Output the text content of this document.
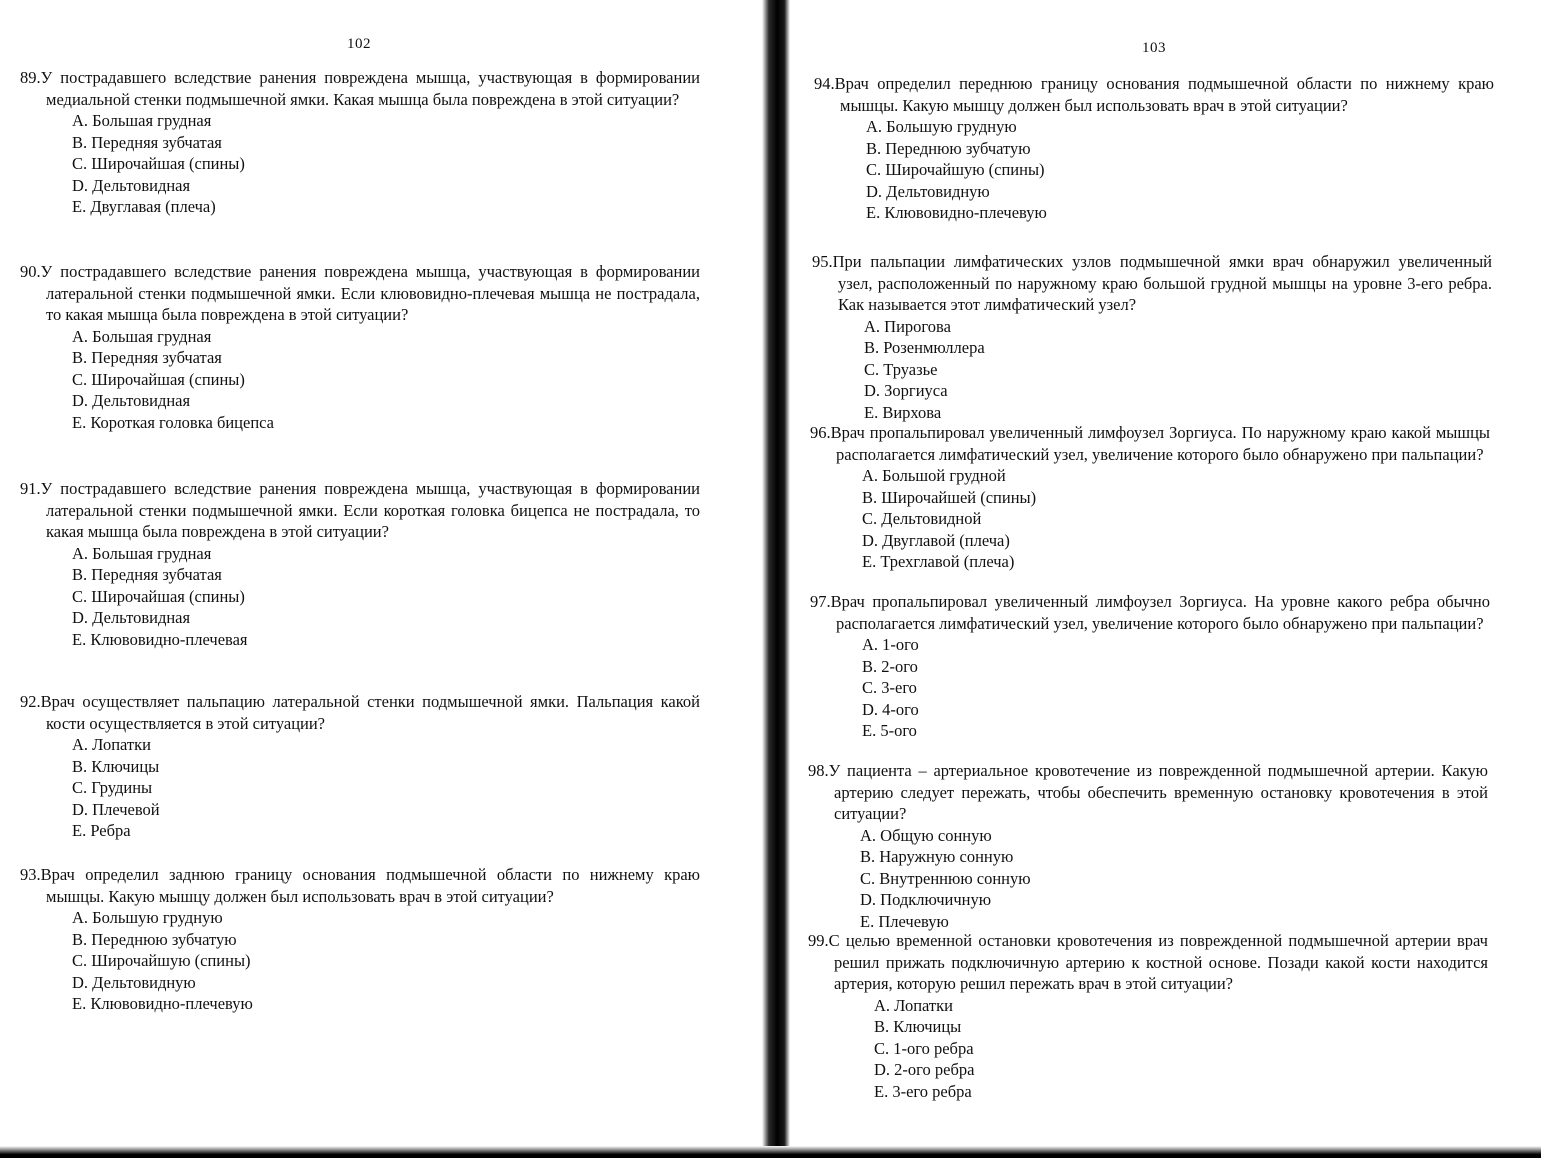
102

89.У пострадавшего вследствие ранения повреждена мышца, участвующая в формировании медиальной стенки подмышечной ямки. Какая мышца была повреждена в этой ситуации?

А. Большая грудная
В. Передняя зубчатая
С. Широчайшая (спины)
D. Дельтовидная
Е. Двуглавая (плеча)

90.У пострадавшего вследствие ранения повреждена мышца, участвующая в формировании латеральной стенки подмышечной ямки. Если клювовидно-плечевая мышца не пострадала, то какая мышца была повреждена в этой ситуации?

А. Большая грудная
В. Передняя зубчатая
С. Широчайшая (спины)
D. Дельтовидная
Е. Короткая головка бицепса

91.У пострадавшего вследствие ранения повреждена мышца, участвующая в формировании латеральной стенки подмышечной ямки. Если короткая головка бицепса не пострадала, то какая мышца была повреждена в этой ситуации?

А. Большая грудная
В. Передняя зубчатая
С. Широчайшая (спины)
D. Дельтовидная
Е. Клювовидно-плечевая

92.Врач осуществляет пальпацию латеральной стенки подмышечной ямки. Пальпация какой кости осуществляется в этой ситуации?

А. Лопатки
В. Ключицы
С. Грудины
D. Плечевой
Е. Ребра

93.Врач определил заднюю границу основания подмышечной области по нижнему краю мышцы. Какую мышцу должен был использовать врач в этой ситуации?

А. Большую грудную
В. Переднюю зубчатую
С. Широчайшую (спины)
D. Дельтовидную
Е. Клювовидно-плечевую
103

94.Врач определил переднюю границу основания подмышечной области по нижнему краю мышцы. Какую мышцу должен был использовать врач в этой ситуации?

А. Большую грудную
В. Переднюю зубчатую
С. Широчайшую (спины)
D. Дельтовидную
Е. Клювовидно-плечевую

95.При пальпации лимфатических узлов подмышечной ямки врач обнаружил увеличенный узел, расположенный по наружному краю большой грудной мышцы на уровне 3-его ребра. Как называется этот лимфатический узел?

А. Пирогова
В. Розенмюллера
С. Труазье
D. Зоргиуса
Е. Вирхова

96.Врач пропальпировал увеличенный лимфоузел Зоргиуса. По наружному краю какой мышцы располагается лимфатический узел, увеличение которого было обнаружено при пальпации?

А. Большой грудной
В. Широчайшей (спины)
С. Дельтовидной
D. Двуглавой (плеча)
Е. Трехглавой (плеча)

97.Врач пропальпировал увеличенный лимфоузел Зоргиуса. На уровне какого ребра обычно располагается лимфатический узел, увеличение которого было обнаружено при пальпации?

А. 1-ого
В. 2-ого
С. 3-его
D. 4-ого
Е. 5-ого

98.У пациента – артериальное кровотечение из поврежденной подмышечной артерии. Какую артерию следует пережать, чтобы обеспечить временную остановку кровотечения в этой ситуации?

А. Общую сонную
В. Наружную сонную
С. Внутреннюю сонную
D. Подключичную
Е. Плечевую

99.С целью временной остановки кровотечения из поврежденной подмышечной артерии врач решил прижать подключичную артерию к костной основе. Позади какой кости находится артерия, которую решил пережать врач в этой ситуации?

А. Лопатки
В. Ключицы
С. 1-ого ребра
D. 2-ого ребра
Е. 3-его ребра
